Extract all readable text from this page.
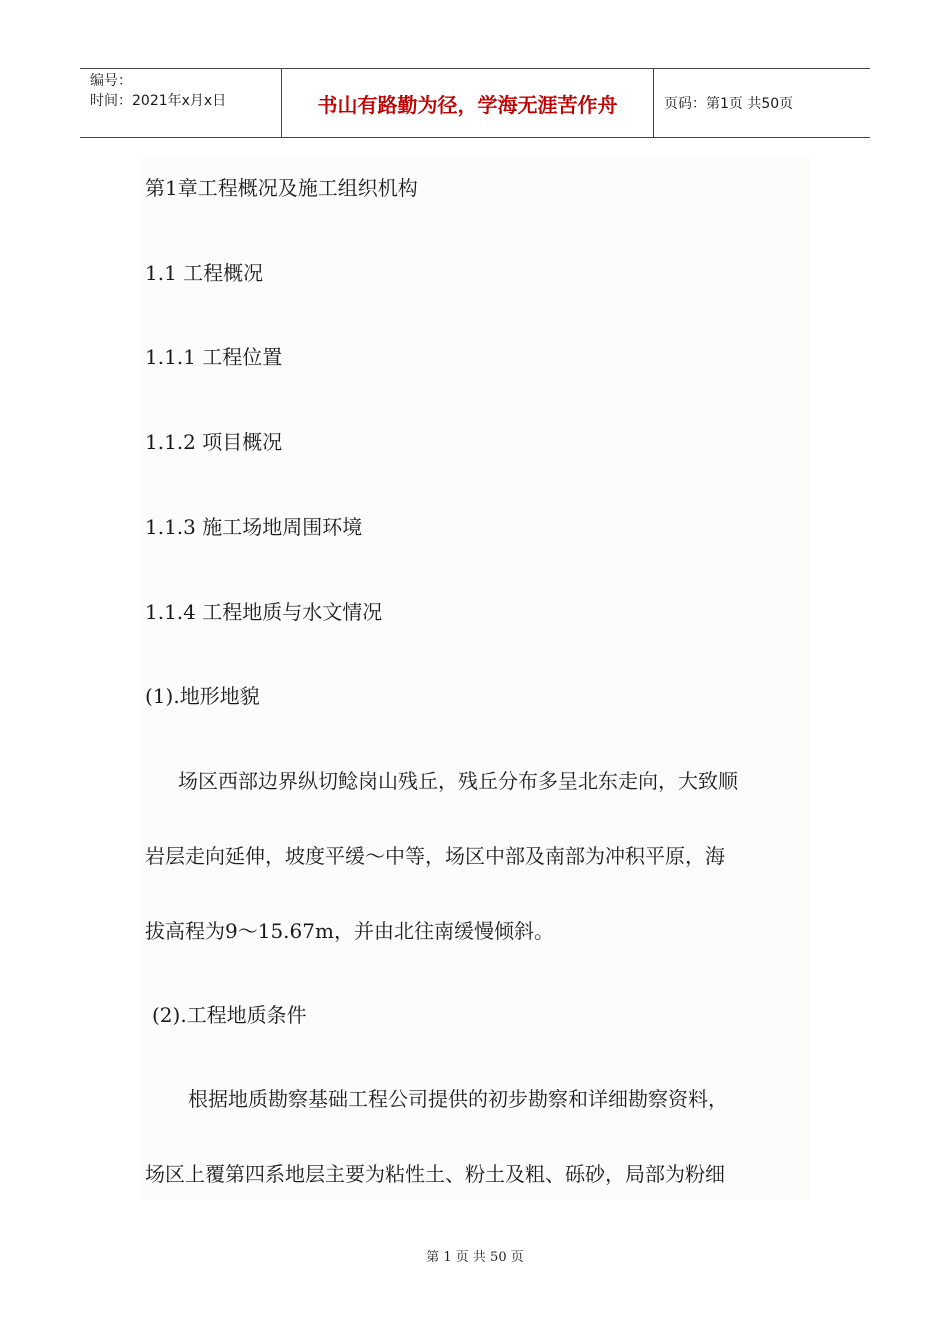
编号：
时间：2021年x月x日	书山有路勤为径，学海无涯苦作舟	页码：第1页 共50页
第1章工程概况及施工组织机构
1.1 工程概况
1.1.1 工程位置
1.1.2 项目概况
1.1.3 施工场地周围环境
1.1.4 工程地质与水文情况
(1).地形地貌
场区西部边界纵切鲶岗山残丘，残丘分布多呈北东走向，大致顺
岩层走向延伸，坡度平缓～中等，场区中部及南部为冲积平原，海
拔高程为9～15.67m，并由北往南缓慢倾斜。
(2).工程地质条件
根据地质勘察基础工程公司提供的初步勘察和详细勘察资料，
场区上覆第四系地层主要为粘性土、粉土及粗、砾砂，局部为粉细
第 1 页 共 50 页
